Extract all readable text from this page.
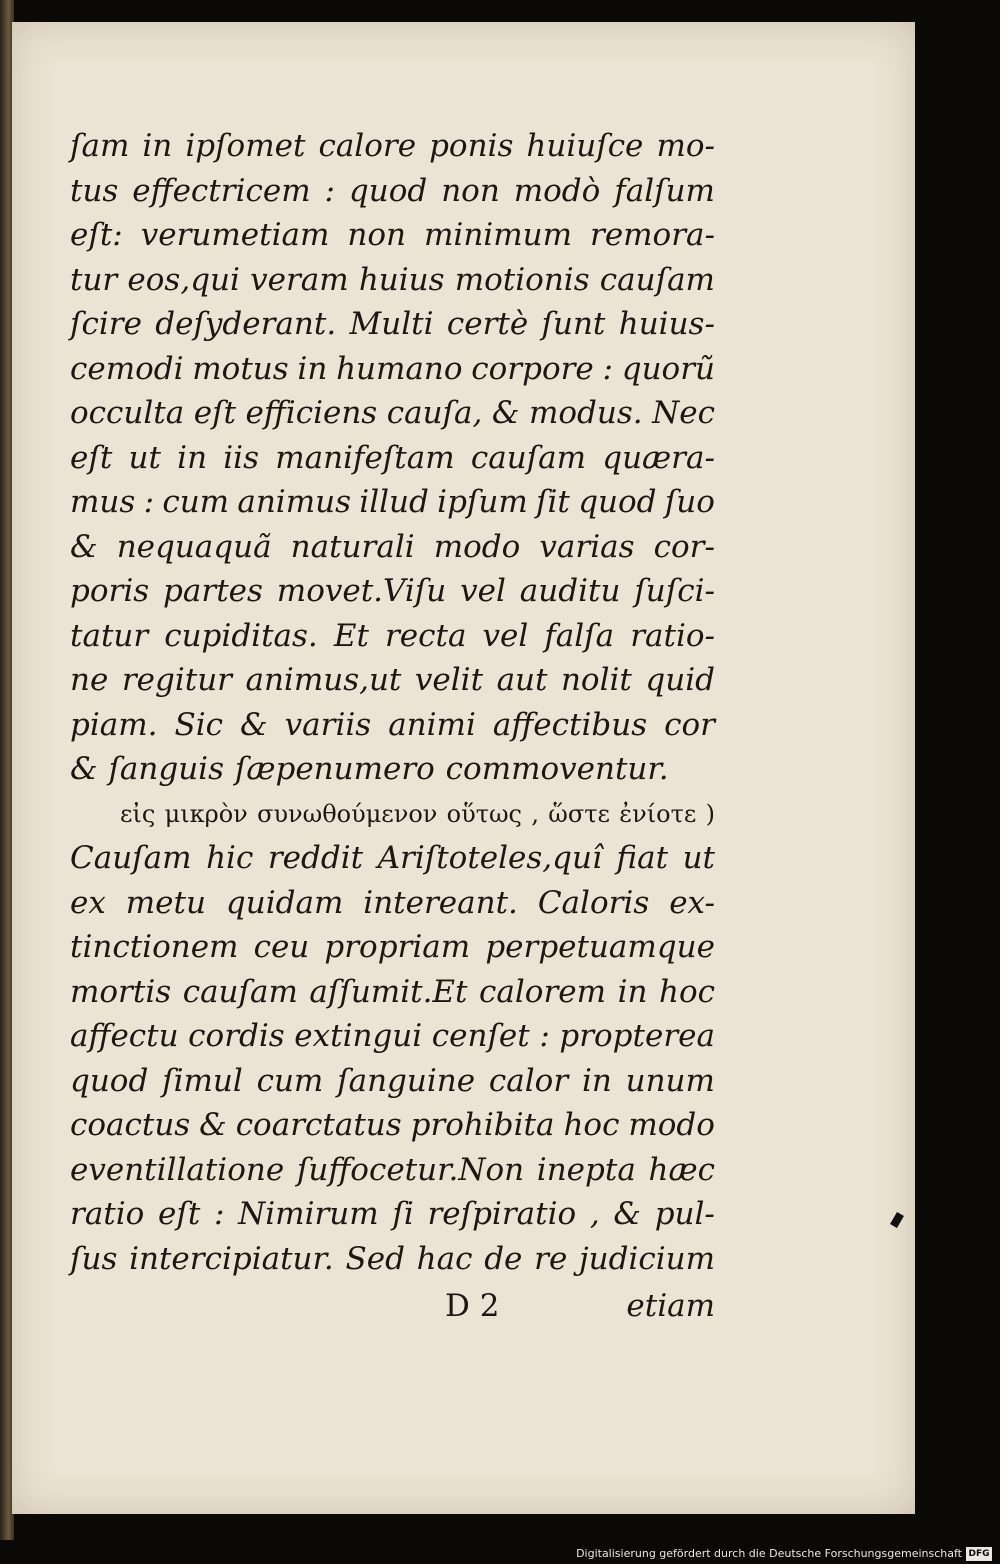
ſam in ipſomet calore ponis huiuſce mo-
tus effectricem : quod non modò falſum
eſt: verumetiam non minimum remora-
tur eos,qui veram huius motionis cauſam
ſcire deſyderant. Multi certè ſunt huius-
cemodi motus in humano corpore : quorũ
occulta eſt efficiens cauſa, & modus. Nec
eſt ut in iis manifeſtam cauſam quæra-
mus : cum animus illud ipſum ſit quod ſuo
& nequaquã naturali modo varias cor-
poris partes movet.Viſu vel auditu ſuſci-
tatur cupiditas. Et recta vel falſa ratio-
ne regitur animus,ut velit aut nolit quid
piam. Sic & variis animi affectibus cor
& ſanguis ſæpenumero commoventur.
εἰς μικρὸν συνωθούμενον οὕτως , ὥστε ἐνίοτε )
Cauſam hic reddit Ariſtoteles,quî fiat ut
ex metu quidam intereant. Caloris ex-
tinctionem ceu propriam perpetuamque
mortis cauſam aſſumit.Et calorem in hoc
affectu cordis extingui cenſet : propterea
quod ſimul cum ſanguine calor in unum
coactus & coarctatus prohibita hoc modo
eventillatione ſuffocetur.Non inepta hæc
ratio eſt : Nimirum ſi reſpiratio , & pul-
ſus intercipiatur. Sed hac de re judicium
D 2	etiam
Digitalisierung gefördert durch die Deutsche Forschungsgemeinschaft DFG
